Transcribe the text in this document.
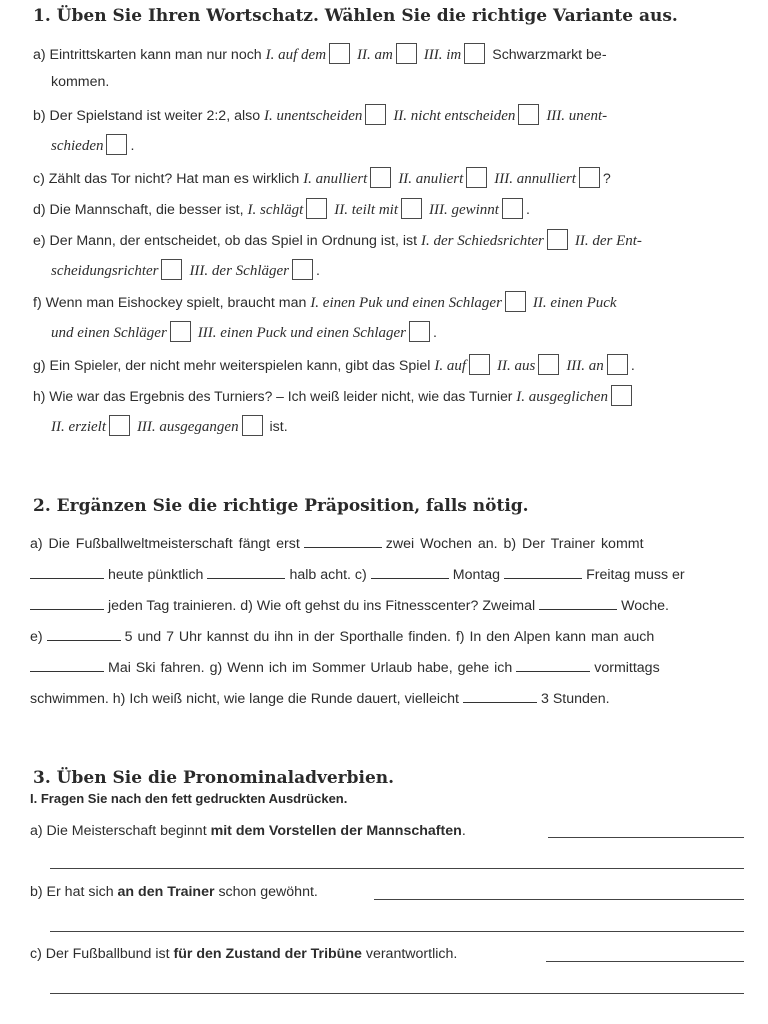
1. Üben Sie Ihren Wortschatz. Wählen Sie die richtige Variante aus.
a) Eintrittskarten kann man nur noch I. auf dem II. am III. im Schwarzmarkt be-
kommen.
b) Der Spielstand ist weiter 2:2, also I. unentscheiden II. nicht entscheiden III. unent-
schieden .
c) Zählt das Tor nicht? Hat man es wirklich I. anulliert II. anuliert III. annulliert ?
d) Die Mannschaft, die besser ist, I. schlägt II. teilt mit III. gewinnt .
e) Der Mann, der entscheidet, ob das Spiel in Ordnung ist, ist I. der Schiedsrichter II. der Ent-
scheidungsrichter III. der Schläger .
f) Wenn man Eishockey spielt, braucht man I. einen Puk und einen Schlager II. einen Puck
und einen Schläger III. einen Puck und einen Schlager .
g) Ein Spieler, der nicht mehr weiterspielen kann, gibt das Spiel I. auf II. aus III. an .
h) Wie war das Ergebnis des Turniers? – Ich weiß leider nicht, wie das Turnier I. ausgeglichen
II. erzielt III. ausgegangen ist.
2. Ergänzen Sie die richtige Präposition, falls nötig.
a) Die Fußballweltmeisterschaft fängt erst	zwei Wochen an. b) Der Trainer kommt
heute pünktlich	halb acht. c)	Montag	Freitag muss er
jeden Tag trainieren. d) Wie oft gehst du ins Fitnesscenter? Zweimal	Woche.
e)	5 und 7 Uhr kannst du ihn in der Sporthalle finden. f) In den Alpen kann man auch
Mai Ski fahren. g) Wenn ich im Sommer Urlaub habe, gehe ich	vormittags
schwimmen. h) Ich weiß nicht, wie lange die Runde dauert, vielleicht	3 Stunden.
3. Üben Sie die Pronominaladverbien.
I. Fragen Sie nach den fett gedruckten Ausdrücken.
a) Die Meisterschaft beginnt mit dem Vorstellen der Mannschaften.
b) Er hat sich an den Trainer schon gewöhnt.
c) Der Fußballbund ist für den Zustand der Tribüne verantwortlich.
